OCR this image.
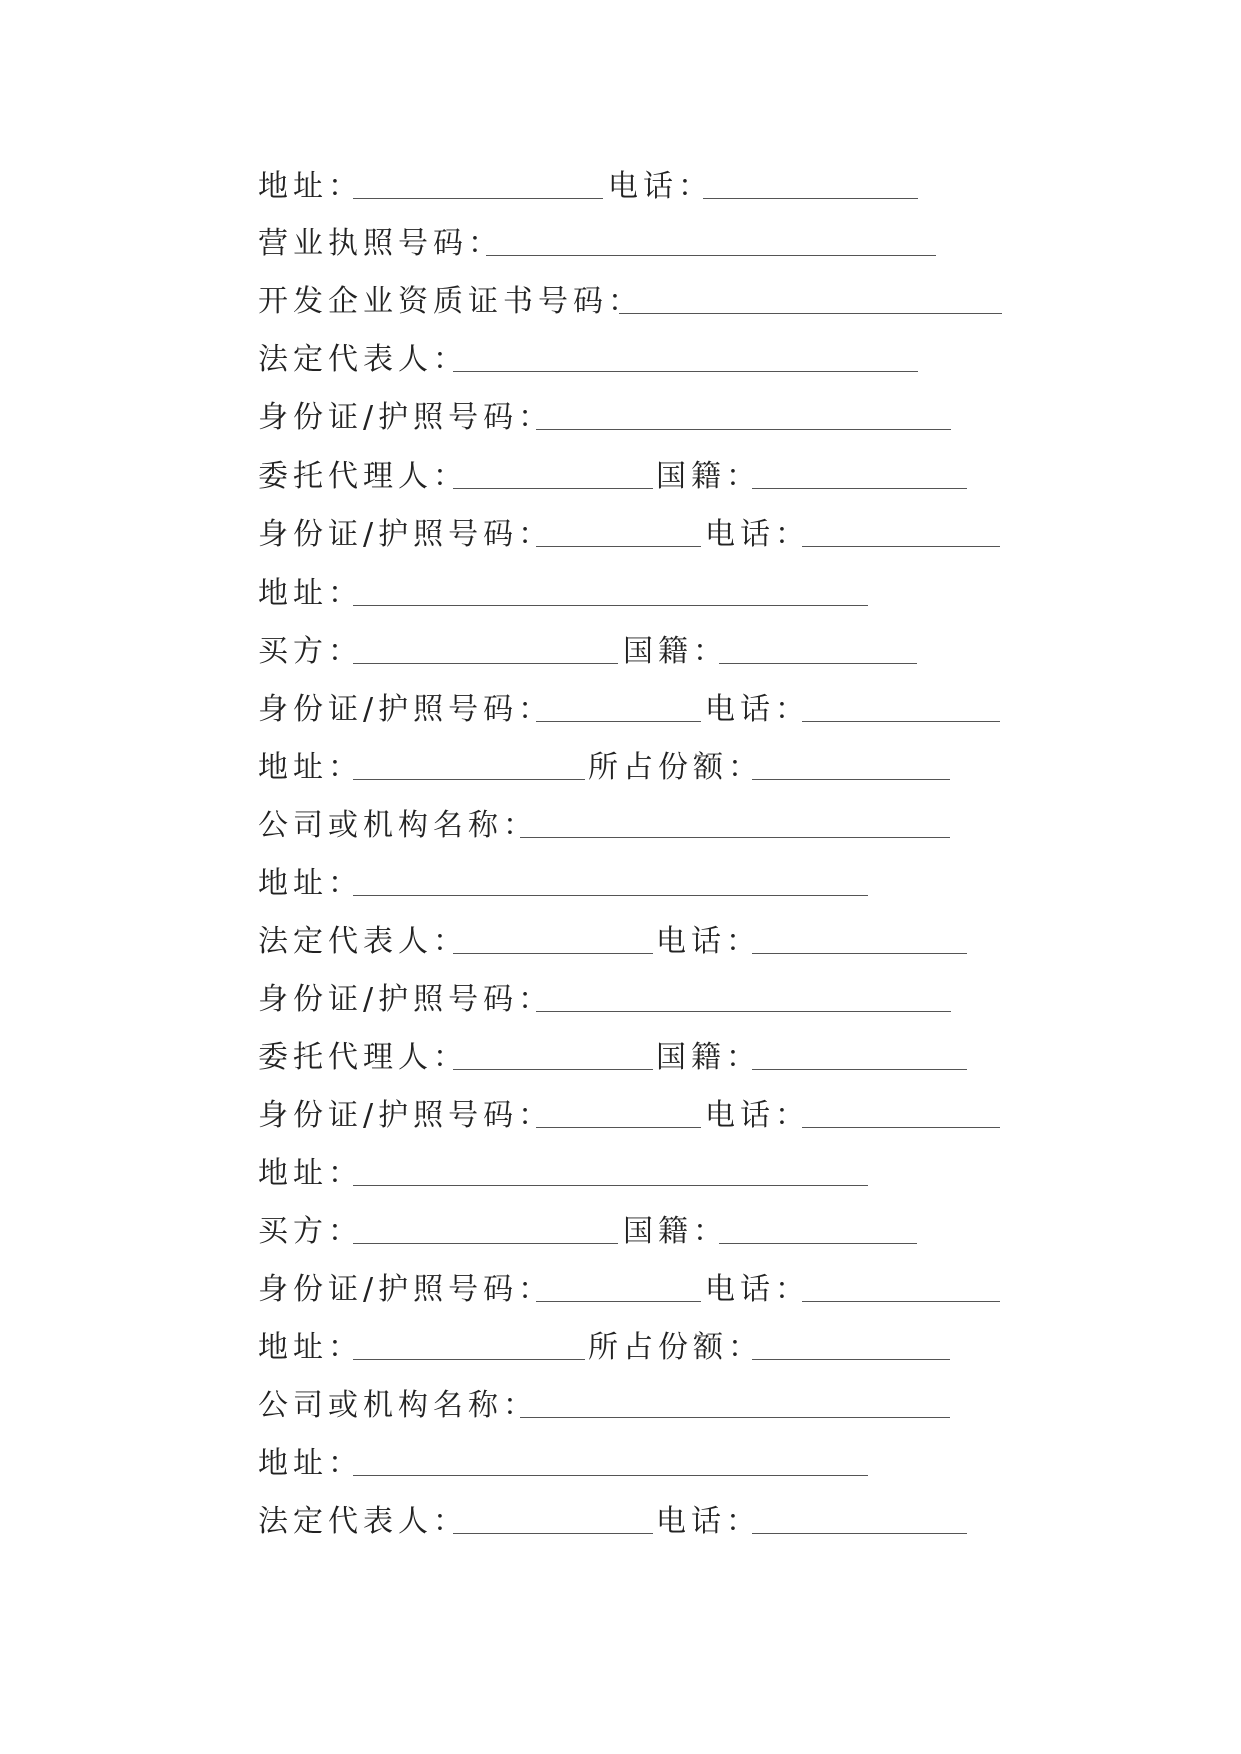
地址：	电话：
营业执照号码：
开发企业资质证书号码：
法定代表人：
身份证/护照号码：
委托代理人：	国籍：
身份证/护照号码：	电话：
地址：
买方：	国籍：
身份证/护照号码：	电话：
地址：	所占份额：
公司或机构名称：
地址：
法定代表人：	电话：
身份证/护照号码：
委托代理人：	国籍：
身份证/护照号码：	电话：
地址：
买方：	国籍：
身份证/护照号码：	电话：
地址：	所占份额：
公司或机构名称：
地址：
法定代表人：	电话：
